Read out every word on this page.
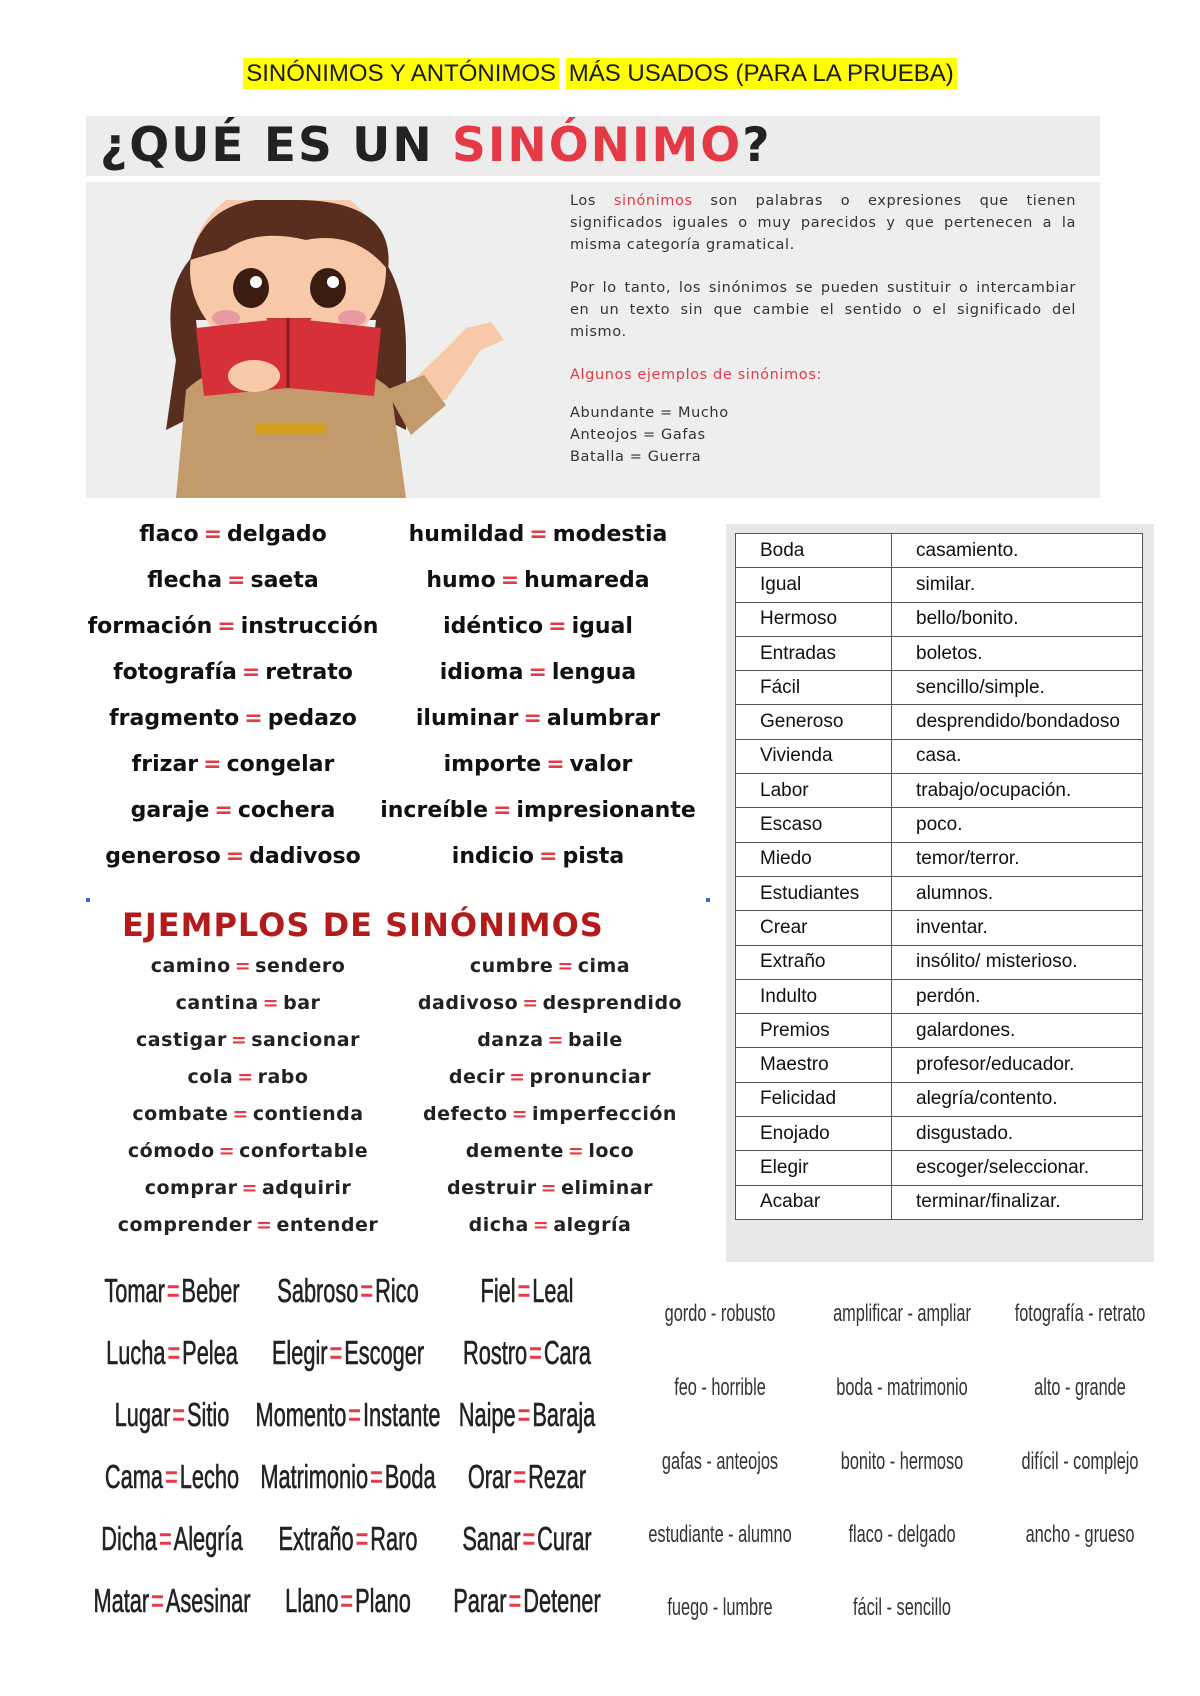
SINÓNIMOS Y ANTÓNIMOS MÁS USADOS (PARA LA PRUEBA)
¿QUÉ ES UN SINÓNIMO?

Los sinónimos son palabras o expresiones que tienen significados iguales o muy parecidos y que pertenecen a la misma categoría gramatical.

Por lo tanto, los sinónimos se pueden sustituir o intercambiar en un texto sin que cambie el sentido o el significado del mismo.

Algunos ejemplos de sinónimos:

Abundante = Mucho

Anteojos = Gafas

Batalla = Guerra

flaco = delgado
flecha = saeta
formación = instrucción
fotografía = retrato
fragmento = pedazo
frizar = congelar
garaje = cochera
generoso = dadivoso
humildad = modestia
humo = humareda
idéntico = igual
idioma = lengua
iluminar = alumbrar
importe = valor
increíble = impresionante
indicio = pista
EJEMPLOS DE SINÓNIMOS
camino = sendero
cantina = bar
castigar = sancionar
cola = rabo
combate = contienda
cómodo = confortable
comprar = adquirir
comprender = entender
cumbre = cima
dadivoso = desprendido
danza = baile
decir = pronunciar
defecto = imperfección
demente = loco
destruir = eliminar
dicha = alegría
Boda	casamiento.
Igual	similar.
Hermoso	bello/bonito.
Entradas	boletos.
Fácil	sencillo/simple.
Generoso	desprendido/bondadoso
Vivienda	casa.
Labor	trabajo/ocupación.
Escaso	poco.
Miedo	temor/terror.
Estudiantes	alumnos.
Crear	inventar.
Extraño	insólito/ misterioso.
Indulto	perdón.
Premios	galardones.
Maestro	profesor/educador.
Felicidad	alegría/contento.
Enojado	disgustado.
Elegir	escoger/seleccionar.
Acabar	terminar/finalizar.
Tomar=Beber Sabroso=Rico Fiel=Leal
Lucha=Pelea Elegir=Escoger Rostro=Cara
Lugar=Sitio Momento=Instante Naipe=Baraja
Cama=Lecho Matrimonio=Boda Orar=Rezar
Dicha=Alegría Extraño=Raro Sanar=Curar
Matar=Asesinar Llano=Plano Parar=Detener
gordo - robusto amplificar - ampliar fotografía - retrato
feo - horrible	boda - matrimonio	alto - grande
gafas - anteojos	bonito - hermoso difícil - complejo
estudiante - alumno flaco - delgado	ancho - grueso
fuego - lumbre	fácil - sencillo
